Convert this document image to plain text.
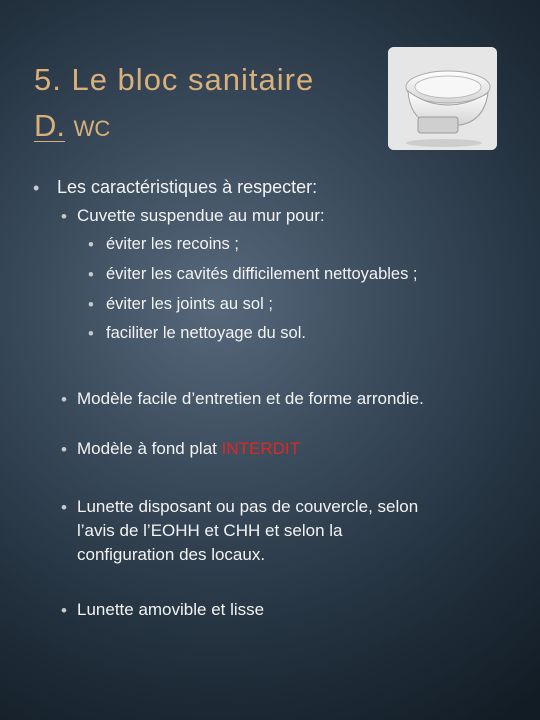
5. Le bloc sanitaire
D. WC
• Les caractéristiques à respecter:
• Cuvette suspendue au mur pour:
• éviter les recoins ;
• éviter les cavités difficilement nettoyables ;
• éviter les joints au sol ;
• faciliter le nettoyage du sol.
• Modèle facile d’entretien et de forme arrondie.
• Modèle à fond plat INTERDIT
• Lunette disposant ou pas de couvercle, selon
l’avis de l’EOHH et CHH et selon la
configuration des locaux.
• Lunette amovible et lisse
